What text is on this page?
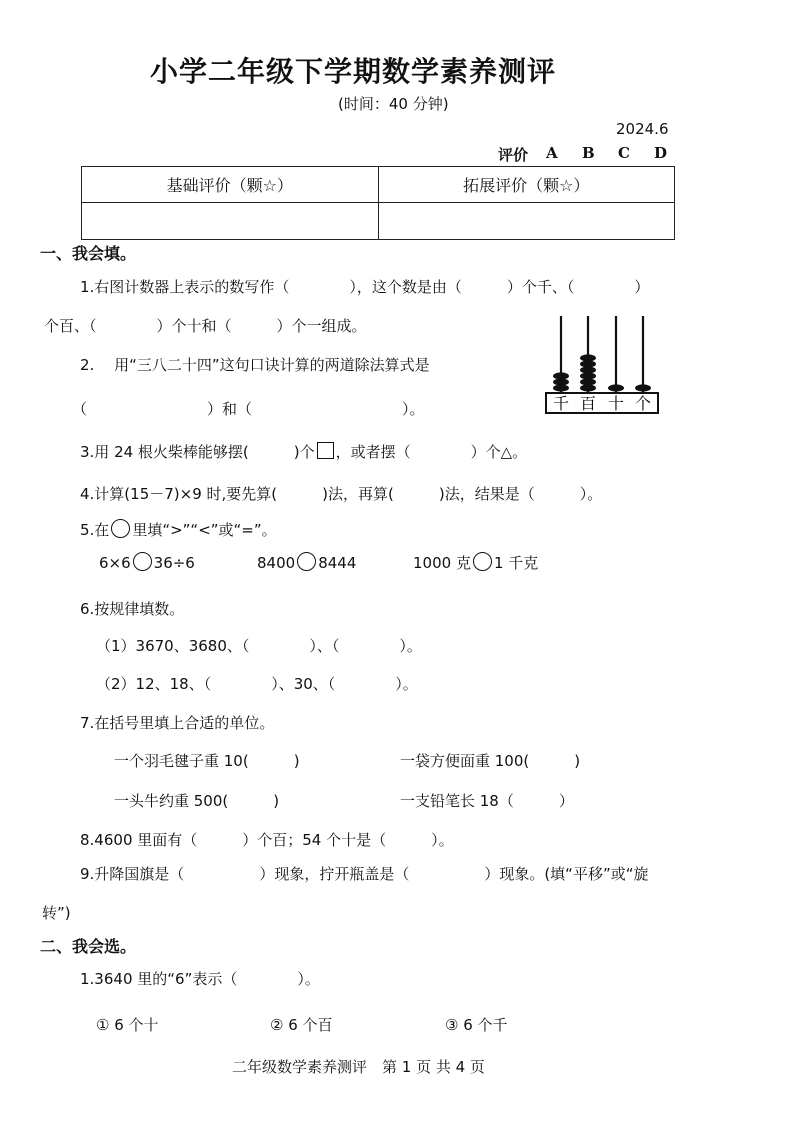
小学二年级下学期数学素养测评
(时间：40 分钟)
2024.6
评价 A B C D
基础评价（颗☆）	拓展评价（颗☆）

一、我会填。
1.右图计数器上表示的数写作（　　　　），这个数是由（　　　）个千、（　　　　）
个百、（　　　　）个十和（　　　）个一组成。
千 百 十 个
2.　 用“三八二十四”这句口诀计算的两道除法算式是
（　　　　　　　　）和（　　　　　　　　　　）。
3.用 24 根火柴棒能够摆(　　　)个 ，或者摆（　　　　）个△。
4.计算(15－7)×9 时,要先算(　　　)法，再算(　　　)法，结果是（　　　）。
5.在 里填“>”“<”或“=”。
6×6 36÷6	8400 8444	1000 克 1 千克
6.按规律填数。
（1）3670、3680、（　　　　）、（　　　　）。
（2）12、18、（　　　　）、30、（　　　　）。
7.在括号里填上合适的单位。
一个羽毛毽子重 10(　　　)	一袋方便面重 100(　　　)
一头牛约重 500(　　　)	一支铅笔长 18（　　　）
8.4600 里面有（　　　）个百；54 个十是（　　　）。
9.升降国旗是（　　　　　）现象，拧开瓶盖是（　　　　　）现象。(填“平移”或“旋
转”)
二、我会选。
1.3640 里的“6”表示（　　　　）。
① 6 个十	② 6 个百	③ 6 个千
二年级数学素养测评　第 1 页 共 4 页
